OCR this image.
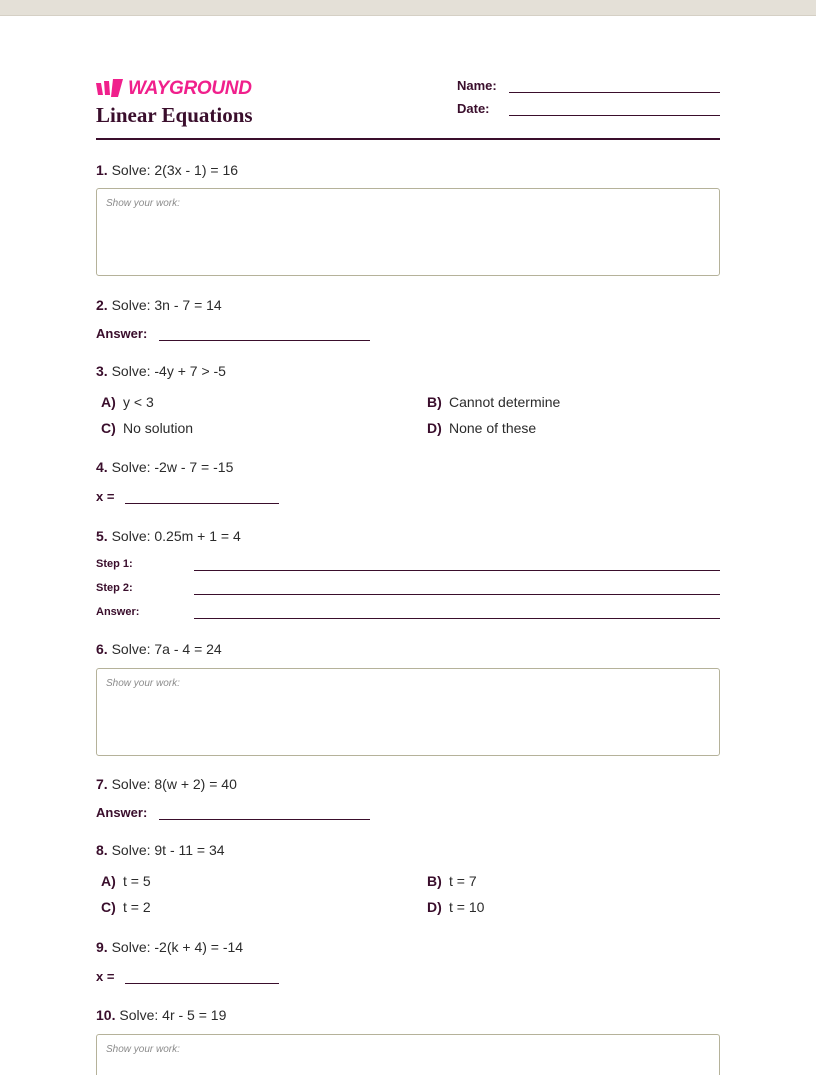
WAYGROUND
Linear Equations
Name:
Date:
1. Solve: 2(3x - 1) = 16
Show your work:
2. Solve: 3n - 7 = 14
Answer:
3. Solve: -4y + 7 > -5
A) y < 3	B) Cannot determine
C) No solution	D) None of these
4. Solve: -2w - 7 = -15
x =
5. Solve: 0.25m + 1 = 4
Step 1:
Step 2:
Answer:
6. Solve: 7a - 4 = 24
Show your work:
7. Solve: 8(w + 2) = 40
Answer:
8. Solve: 9t - 11 = 34
A) t = 5	B) t = 7
C) t = 2	D) t = 10
9. Solve: -2(k + 4) = -14
x =
10. Solve: 4r - 5 = 19
Show your work:
